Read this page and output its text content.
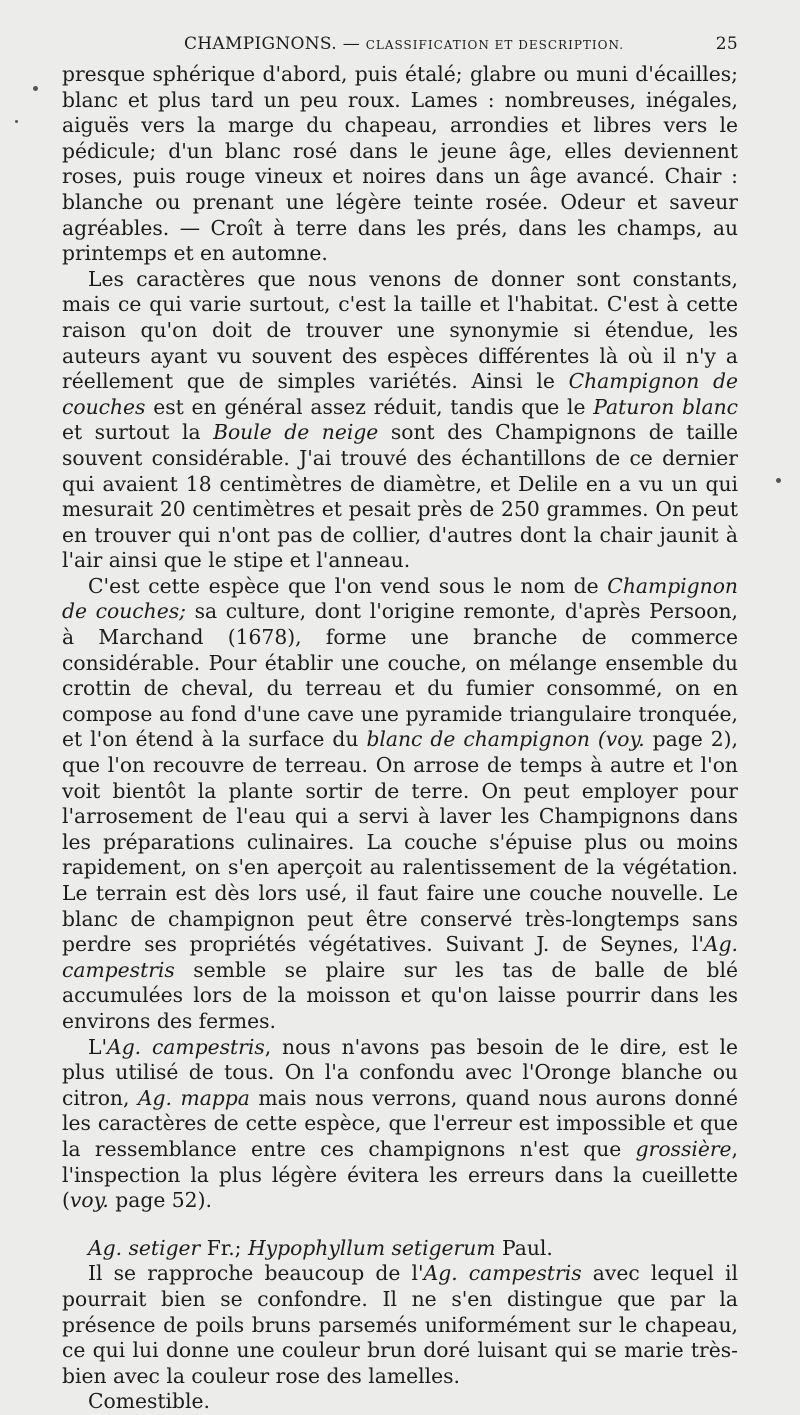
CHAMPIGNONS. — CLASSIFICATION ET DESCRIPTION.	25

presque sphérique d'abord, puis étalé; glabre ou muni d'écailles; blanc et plus tard un peu roux. Lames : nombreuses, inégales, aiguës vers la marge du chapeau, arrondies et libres vers le pédicule; d'un blanc rosé dans le jeune âge, elles deviennent roses, puis rouge vineux et noires dans un âge avancé. Chair : blanche ou prenant une légère teinte rosée. Odeur et saveur agréables. — Croît à terre dans les prés, dans les champs, au printemps et en automne.

Les caractères que nous venons de donner sont constants, mais ce qui varie surtout, c'est la taille et l'habitat. C'est à cette raison qu'on doit de trouver une synonymie si étendue, les auteurs ayant vu souvent des espèces différentes là où il n'y a réellement que de simples variétés. Ainsi le Champignon de couches est en général assez réduit, tandis que le Paturon blanc et surtout la Boule de neige sont des Champignons de taille souvent considérable. J'ai trouvé des échantillons de ce dernier qui avaient 18 centimètres de diamètre, et Delile en a vu un qui mesurait 20 centimètres et pesait près de 250 grammes. On peut en trouver qui n'ont pas de collier, d'autres dont la chair jaunit à l'air ainsi que le stipe et l'anneau.

C'est cette espèce que l'on vend sous le nom de Champignon de couches; sa culture, dont l'origine remonte, d'après Persoon, à Marchand (1678), forme une branche de commerce considérable. Pour établir une couche, on mélange ensemble du crottin de cheval, du terreau et du fumier consommé, on en compose au fond d'une cave une pyramide triangulaire tronquée, et l'on étend à la surface du blanc de champignon (voy. page 2), que l'on recouvre de terreau. On arrose de temps à autre et l'on voit bientôt la plante sortir de terre. On peut employer pour l'arrosement de l'eau qui a servi à laver les Champignons dans les préparations culinaires. La couche s'épuise plus ou moins rapidement, on s'en aperçoit au ralentissement de la végétation. Le terrain est dès lors usé, il faut faire une couche nouvelle. Le blanc de champignon peut être conservé très-longtemps sans perdre ses propriétés végétatives. Suivant J. de Seynes, l'Ag. campestris semble se plaire sur les tas de balle de blé accumulées lors de la moisson et qu'on laisse pourrir dans les environs des fermes.

L'Ag. campestris, nous n'avons pas besoin de le dire, est le plus utilisé de tous. On l'a confondu avec l'Oronge blanche ou citron, Ag. mappa mais nous verrons, quand nous aurons donné les caractères de cette espèce, que l'erreur est impossible et que la ressemblance entre ces champignons n'est que grossière, l'inspection la plus légère évitera les erreurs dans la cueillette (voy. page 52).

Ag. setiger Fr.; Hypophyllum setigerum Paul.

Il se rapproche beaucoup de l'Ag. campestris avec lequel il pourrait bien se confondre. Il ne s'en distingue que par la présence de poils bruns parsemés uniformément sur le chapeau, ce qui lui donne une couleur brun doré luisant qui se marie très-bien avec la couleur rose des lamelles.

Comestible.
